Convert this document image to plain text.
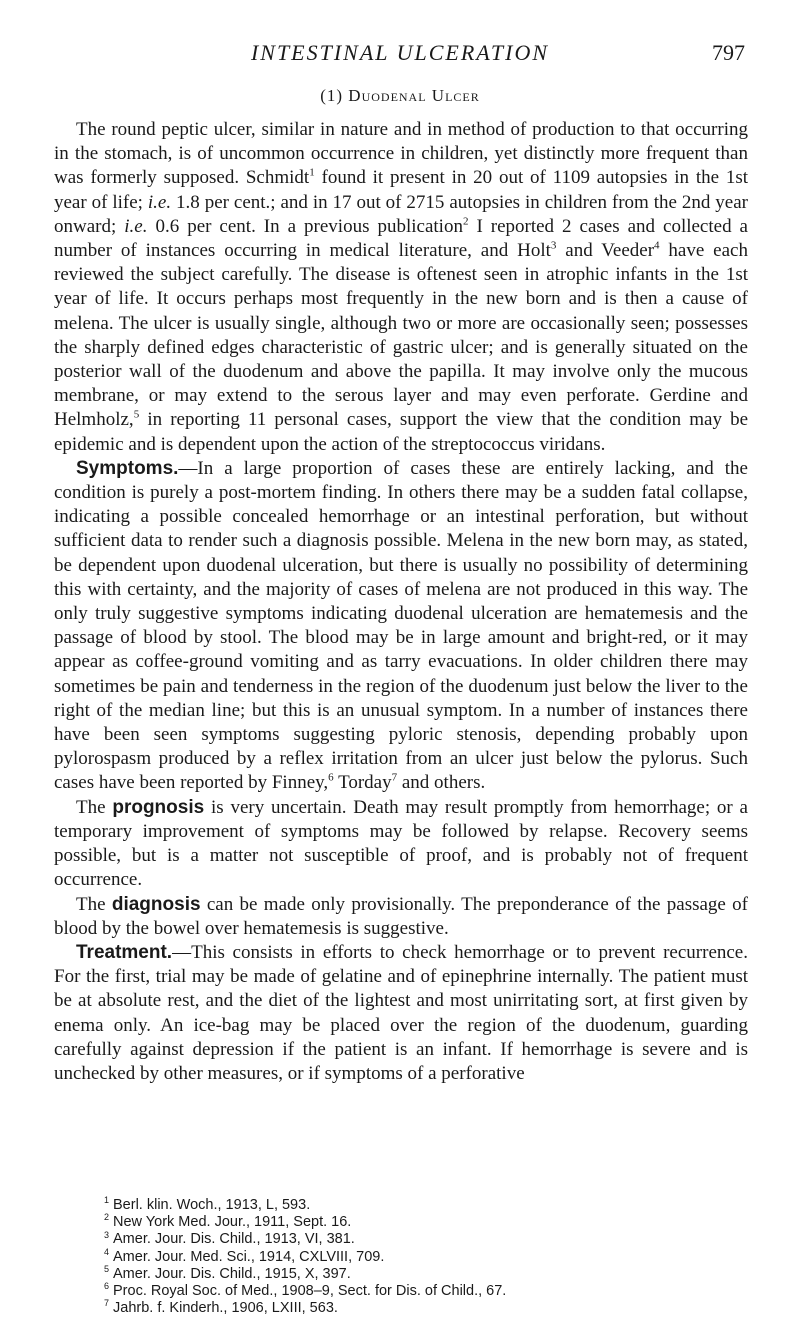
INTESTINAL ULCERATION	797
(1) Duodenal Ulcer

The round peptic ulcer, similar in nature and in method of production to that occurring in the stomach, is of uncommon occurrence in children, yet distinctly more frequent than was formerly supposed. Schmidt$^1$ found it present in 20 out of 1109 autopsies in the 1st year of life; i.e. 1.8 per cent.; and in 17 out of 2715 autopsies in children from the 2nd year onward; i.e. 0.6 per cent. In a previous publication$^2$ I reported 2 cases and collected a number of instances occurring in medical literature, and Holt$^3$ and Veeder$^4$ have each reviewed the subject carefully. The disease is oftenest seen in atrophic infants in the 1st year of life. It occurs perhaps most frequently in the new born and is then a cause of melena. The ulcer is usually single, although two or more are occasionally seen; possesses the sharply defined edges characteristic of gastric ulcer; and is generally situated on the posterior wall of the duodenum and above the papilla. It may involve only the mucous membrane, or may extend to the serous layer and may even perforate. Gerdine and Helmholz,$^5$ in reporting 11 personal cases, support the view that the condition may be epidemic and is dependent upon the action of the streptococcus viridans.

Symptoms.—In a large proportion of cases these are entirely lacking, and the condition is purely a post-mortem finding. In others there may be a sudden fatal collapse, indicating a possible concealed hemorrhage or an intestinal perforation, but without sufficient data to render such a diagnosis possible. Melena in the new born may, as stated, be dependent upon duodenal ulceration, but there is usually no possibility of determining this with certainty, and the majority of cases of melena are not produced in this way. The only truly suggestive symptoms indicating duodenal ulceration are hematemesis and the passage of blood by stool. The blood may be in large amount and bright-red, or it may appear as coffee-ground vomiting and as tarry evacuations. In older children there may sometimes be pain and tenderness in the region of the duodenum just below the liver to the right of the median line; but this is an unusual symptom. In a number of instances there have been seen symptoms suggesting pyloric stenosis, depending probably upon pylorospasm produced by a reflex irritation from an ulcer just below the pylorus. Such cases have been reported by Finney,$^6$ Torday$^7$ and others.

The prognosis is very uncertain. Death may result promptly from hemorrhage; or a temporary improvement of symptoms may be followed by relapse. Recovery seems possible, but is a matter not susceptible of proof, and is probably not of frequent occurrence.

The diagnosis can be made only provisionally. The preponderance of the passage of blood by the bowel over hematemesis is suggestive.

Treatment.—This consists in efforts to check hemorrhage or to prevent recurrence. For the first, trial may be made of gelatine and of epinephrine internally. The patient must be at absolute rest, and the diet of the lightest and most unirritating sort, at first given by enema only. An ice-bag may be placed over the region of the duodenum, guarding carefully against depression if the patient is an infant. If hemorrhage is severe and is unchecked by other measures, or if symptoms of a perforative

$^1$ Berl. klin. Woch., 1913, L, 593.
$^2$ New York Med. Jour., 1911, Sept. 16.
$^3$ Amer. Jour. Dis. Child., 1913, VI, 381.
$^4$ Amer. Jour. Med. Sci., 1914, CXLVIII, 709.
$^5$ Amer. Jour. Dis. Child., 1915, X, 397.
$^6$ Proc. Royal Soc. of Med., 1908–9, Sect. for Dis. of Child., 67.
$^7$ Jahrb. f. Kinderh., 1906, LXIII, 563.
